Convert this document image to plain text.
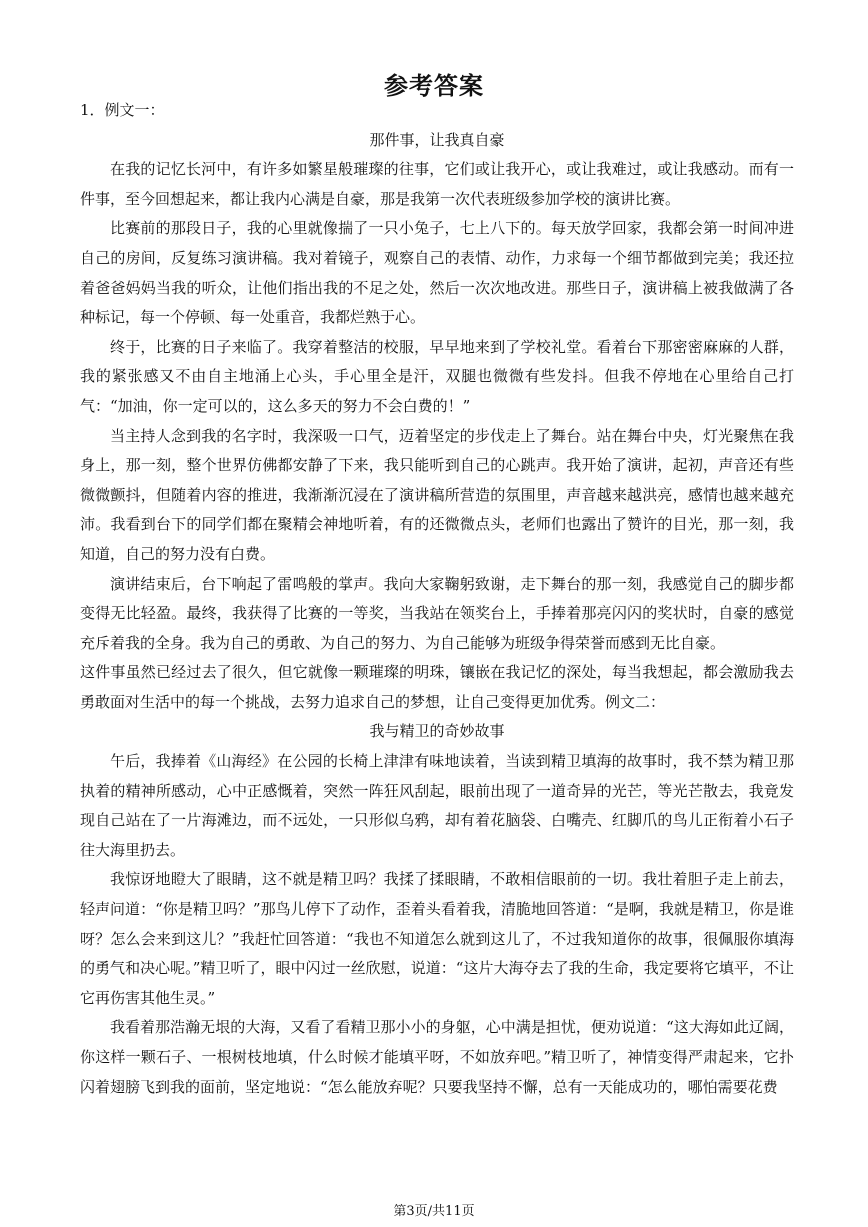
参考答案

1．例文一：

那件事，让我真自豪

在我的记忆长河中，有许多如繁星般璀璨的往事，它们或让我开心，或让我难过，或让我感动。而有一件事，至今回想起来，都让我内心满是自豪，那是我第一次代表班级参加学校的演讲比赛。

比赛前的那段日子，我的心里就像揣了一只小兔子，七上八下的。每天放学回家，我都会第一时间冲进自己的房间，反复练习演讲稿。我对着镜子，观察自己的表情、动作，力求每一个细节都做到完美；我还拉着爸爸妈妈当我的听众，让他们指出我的不足之处，然后一次次地改进。那些日子，演讲稿上被我做满了各种标记，每一个停顿、每一处重音，我都烂熟于心。

终于，比赛的日子来临了。我穿着整洁的校服，早早地来到了学校礼堂。看着台下那密密麻麻的人群，我的紧张感又不由自主地涌上心头，手心里全是汗，双腿也微微有些发抖。但我不停地在心里给自己打气：“加油，你一定可以的，这么多天的努力不会白费的！”

当主持人念到我的名字时，我深吸一口气，迈着坚定的步伐走上了舞台。站在舞台中央，灯光聚焦在我身上，那一刻，整个世界仿佛都安静了下来，我只能听到自己的心跳声。我开始了演讲，起初，声音还有些微微颤抖，但随着内容的推进，我渐渐沉浸在了演讲稿所营造的氛围里，声音越来越洪亮，感情也越来越充沛。我看到台下的同学们都在聚精会神地听着，有的还微微点头，老师们也露出了赞许的目光，那一刻，我知道，自己的努力没有白费。

演讲结束后，台下响起了雷鸣般的掌声。我向大家鞠躬致谢，走下舞台的那一刻，我感觉自己的脚步都变得无比轻盈。最终，我获得了比赛的一等奖，当我站在领奖台上，手捧着那亮闪闪的奖状时，自豪的感觉充斥着我的全身。我为自己的勇敢、为自己的努力、为自己能够为班级争得荣誉而感到无比自豪。

这件事虽然已经过去了很久，但它就像一颗璀璨的明珠，镶嵌在我记忆的深处，每当我想起，都会激励我去勇敢面对生活中的每一个挑战，去努力追求自己的梦想，让自己变得更加优秀。例文二：

我与精卫的奇妙故事

午后，我捧着《山海经》在公园的长椅上津津有味地读着，当读到精卫填海的故事时，我不禁为精卫那执着的精神所感动，心中正感慨着，突然一阵狂风刮起，眼前出现了一道奇异的光芒，等光芒散去，我竟发现自己站在了一片海滩边，而不远处，一只形似乌鸦，却有着花脑袋、白嘴壳、红脚爪的鸟儿正衔着小石子往大海里扔去。

我惊讶地瞪大了眼睛，这不就是精卫吗？我揉了揉眼睛，不敢相信眼前的一切。我壮着胆子走上前去，轻声问道：“你是精卫吗？”那鸟儿停下了动作，歪着头看着我，清脆地回答道：“是啊，我就是精卫，你是谁呀？怎么会来到这儿？”我赶忙回答道：“我也不知道怎么就到这儿了，不过我知道你的故事，很佩服你填海的勇气和决心呢。”精卫听了，眼中闪过一丝欣慰，说道：“这片大海夺去了我的生命，我定要将它填平，不让它再伤害其他生灵。”

我看着那浩瀚无垠的大海，又看了看精卫那小小的身躯，心中满是担忧，便劝说道：“这大海如此辽阔，你这样一颗石子、一根树枝地填，什么时候才能填平呀，不如放弃吧。”精卫听了，神情变得严肃起来，它扑闪着翅膀飞到我的面前，坚定地说：“怎么能放弃呢？只要我坚持不懈，总有一天能成功的，哪怕需要花费

第3页/共11页
